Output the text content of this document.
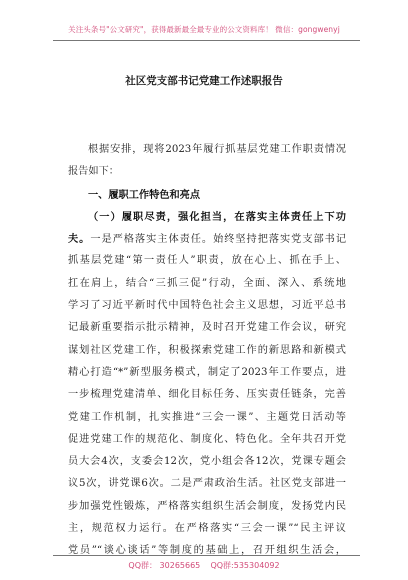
关注头条号"公文研究"，获得最新最全最专业的公文资料库！ 微信：gongwenyj
社区党支部书记党建工作述职报告
根据安排，现将2023年履行抓基层党建工作职责情况
报告如下：
一、履职工作特色和亮点
（一）履职尽责，强化担当，在落实主体责任上下功
夫。一是严格落实主体责任。始终坚持把落实党支部书记
抓基层党建“第一责任人”职责，放在心上、抓在手上、
扛在肩上，结合“三抓三促”行动，全面、深入、系统地
学习了习近平新时代中国特色社会主义思想，习近平总书
记最新重要指示批示精神，及时召开党建工作会议，研究
谋划社区党建工作，积极探索党建工作的新思路和新模式
精心打造“*”新型服务模式，制定了2023年工作要点，进
一步梳理党建清单、细化目标任务、压实责任链条，完善
党建工作机制，扎实推进“三会一课”、主题党日活动等
促进党建工作的规范化、制度化、特色化。全年共召开党
员大会4次，支委会12次，党小组会各12次，党课专题会
议5次，讲党课6次。二是严肃政治生活。社区党支部进一
步加强党性锻炼，严格落实组织生活会制度，发扬党内民
主，规范权力运行。在严格落实“三会一课”“民主评议
党员”“谈心谈话”等制度的基础上，召开组织生活会，
QQ群： 30265665 QQ群:535304092
